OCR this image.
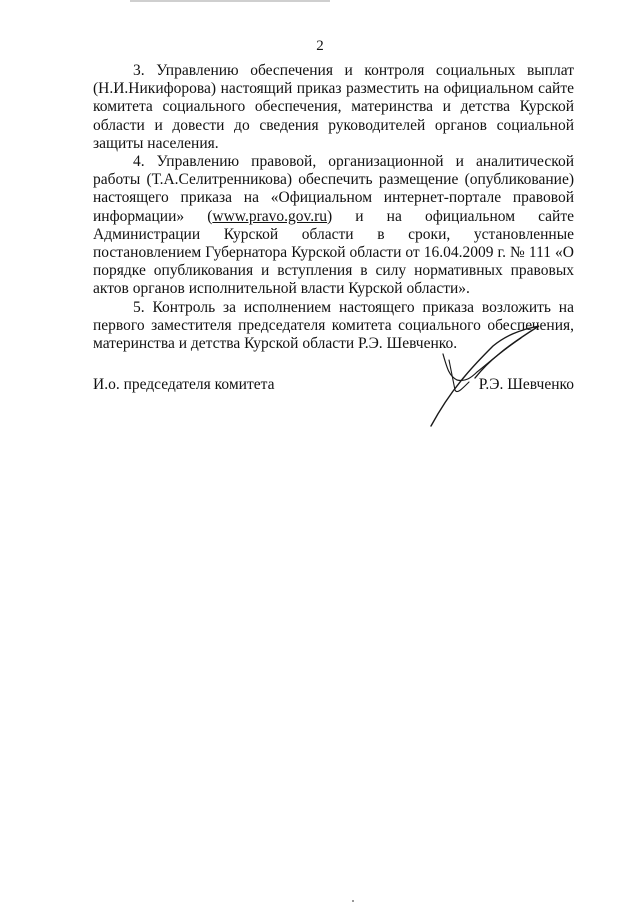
2

3. Управлению обеспечения и контроля социальных выплат (Н.И.Никифорова) настоящий приказ разместить на официальном сайте комитета социального обеспечения, материнства и детства Курской области и довести до сведения руководителей органов социальной защиты населения.

4. Управлению правовой, организационной и аналитической работы (Т.А.Селитренникова) обеспечить размещение (опубликование) настоящего приказа на «Официальном интернет-портале правовой информации» (www.pravo.gov.ru) и на официальном сайте Администрации Курской области в сроки, установленные постановлением Губернатора Курской области от 16.04.2009 г. № 111 «О порядке опубликования и вступления в силу нормативных правовых актов органов исполнительной власти Курской области».

5. Контроль за исполнением настоящего приказа возложить на первого заместителя председателя комитета социального обеспечения, материнства и детства Курской области Р.Э. Шевченко.

И.о. председателя комитета	Р.Э. Шевченко
